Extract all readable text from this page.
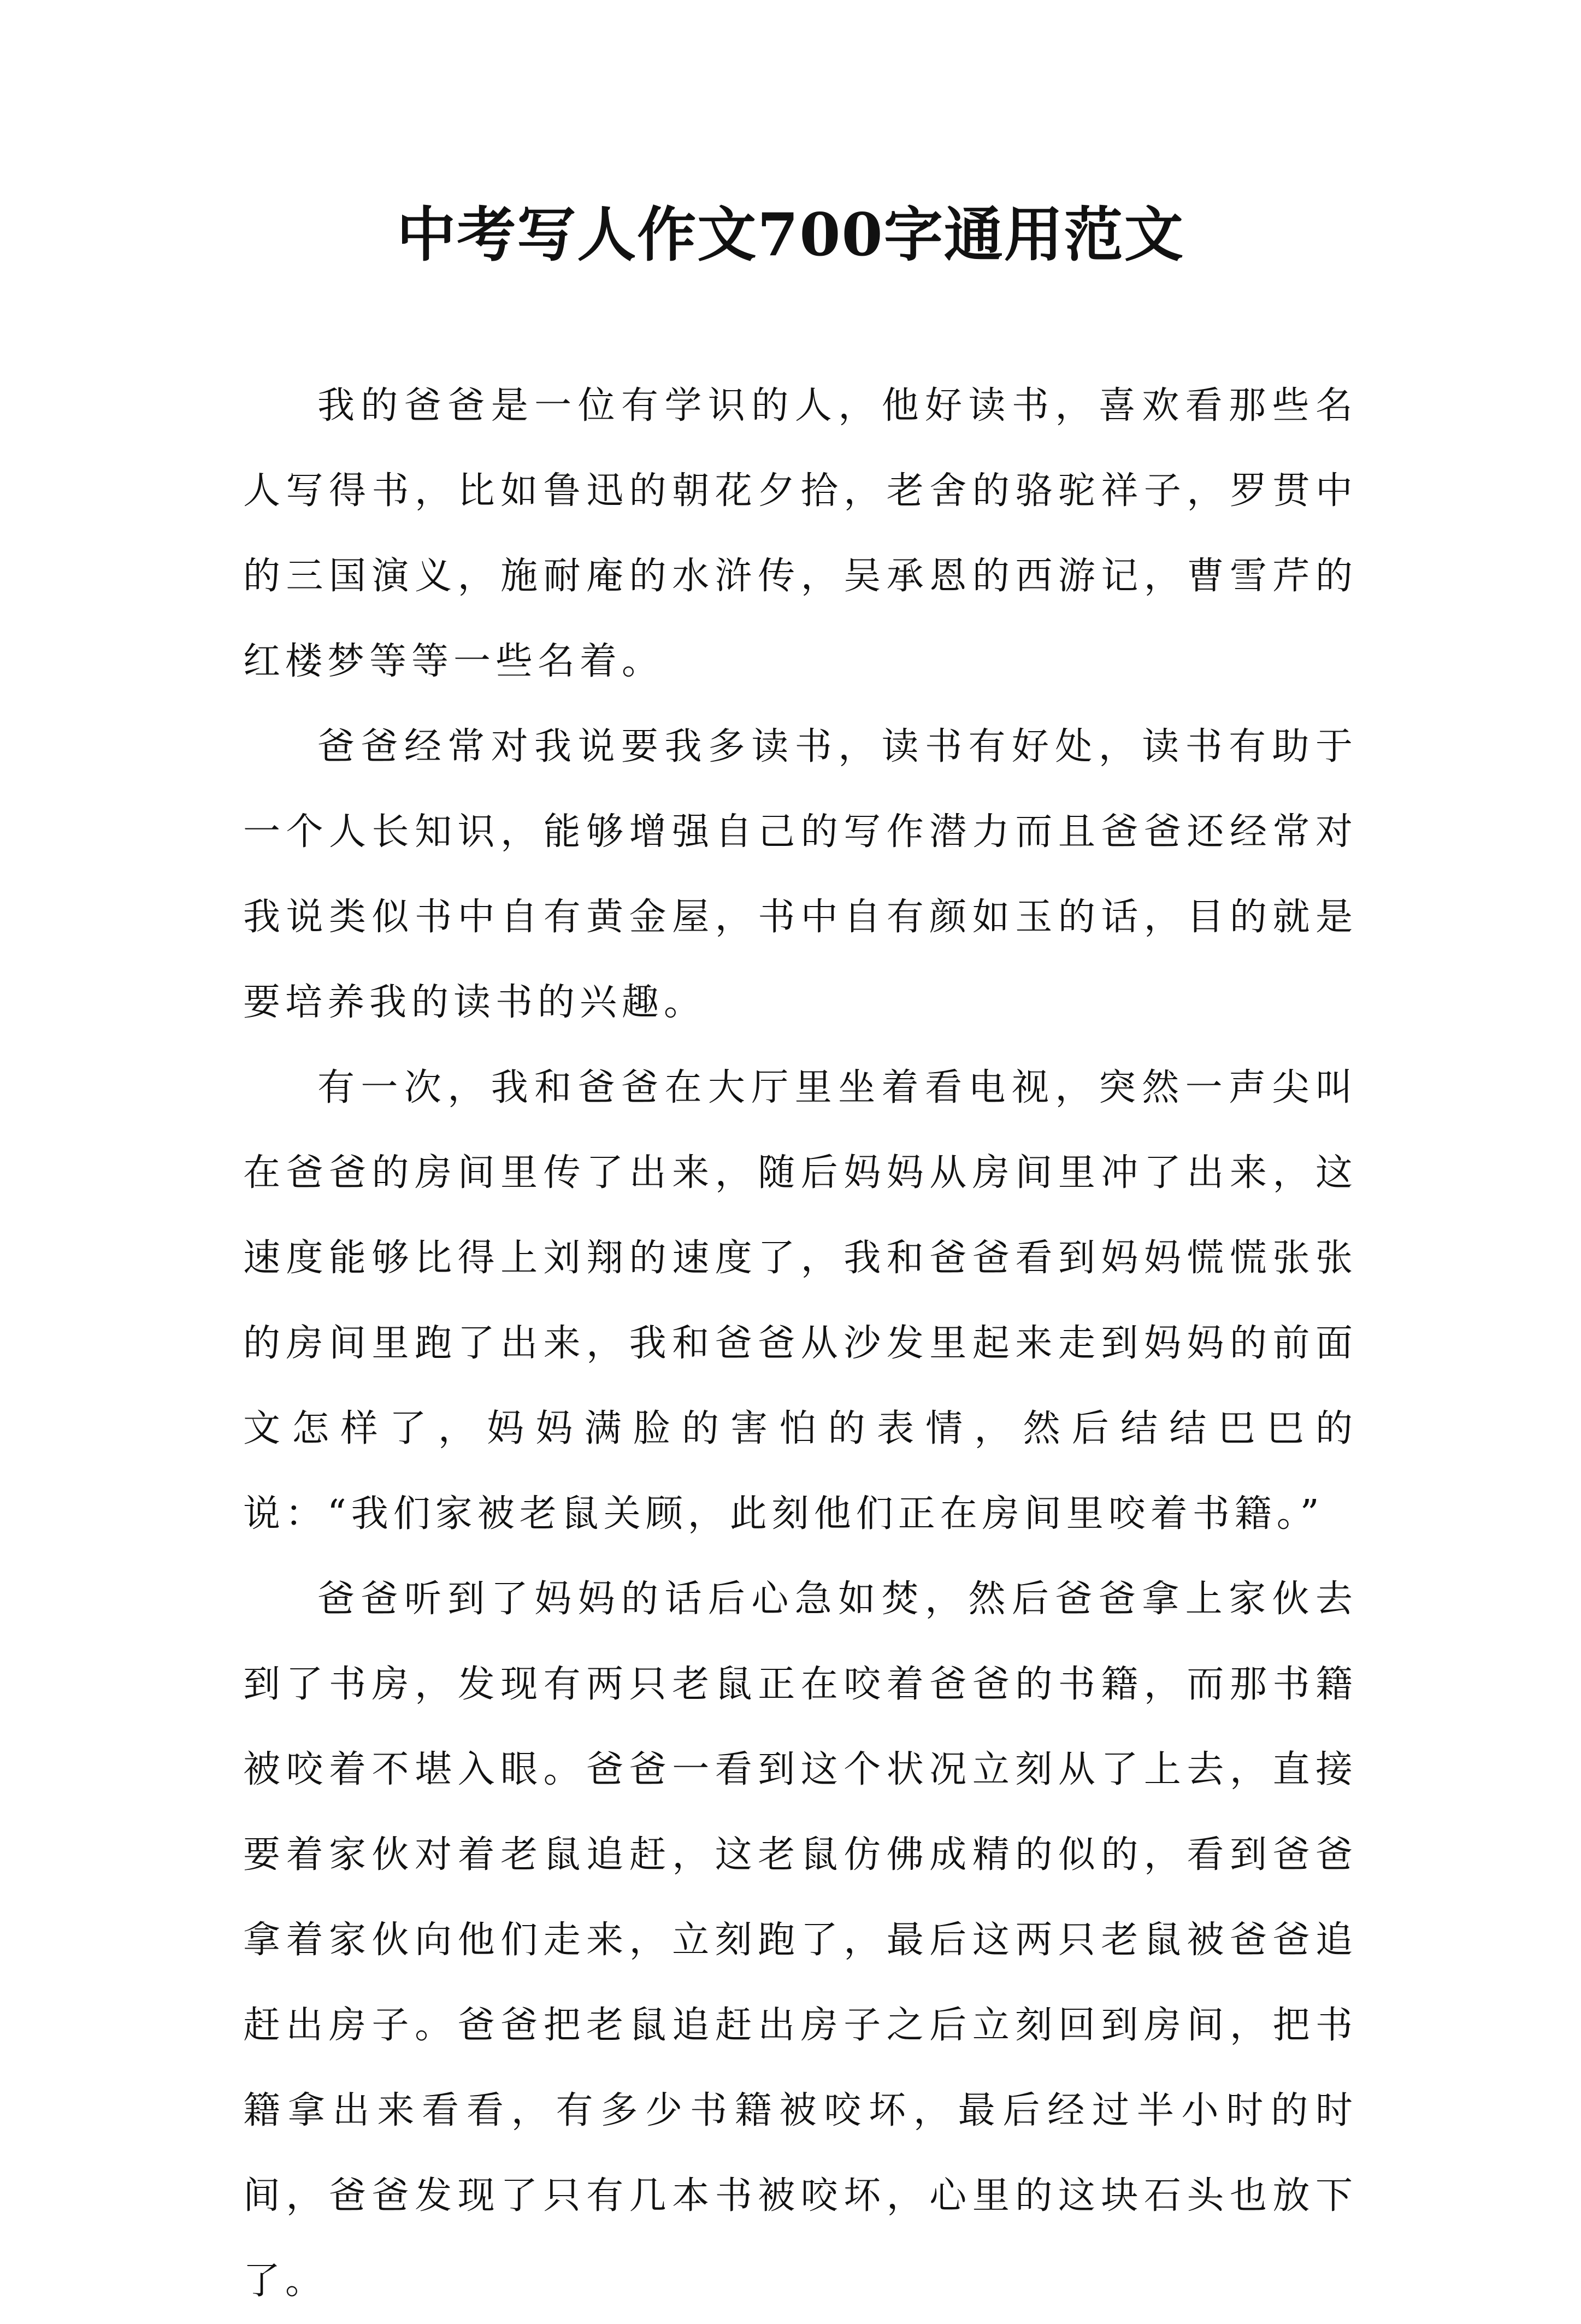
中考写人作文700字通用范文

我的爸爸是一位有学识的人，他好读书，喜欢看那些名人写得书，比如鲁迅的朝花夕拾，老舍的骆驼祥子，罗贯中的三国演义，施耐庵的水浒传，吴承恩的西游记，曹雪芹的红楼梦等等一些名着。

爸爸经常对我说要我多读书，读书有好处，读书有助于一个人长知识，能够增强自己的写作潜力而且爸爸还经常对我说类似书中自有黄金屋，书中自有颜如玉的话，目的就是要培养我的读书的兴趣。

有一次，我和爸爸在大厅里坐着看电视，突然一声尖叫在爸爸的房间里传了出来，随后妈妈从房间里冲了出来，这速度能够比得上刘翔的速度了，我和爸爸看到妈妈慌慌张张的房间里跑了出来，我和爸爸从沙发里起来走到妈妈的前面文怎样了，妈妈满脸的害怕的表情，然后结结巴巴的说：“我们家被老鼠关顾，此刻他们正在房间里咬着书籍。”

爸爸听到了妈妈的话后心急如焚，然后爸爸拿上家伙去到了书房，发现有两只老鼠正在咬着爸爸的书籍，而那书籍被咬着不堪入眼。爸爸一看到这个状况立刻从了上去，直接要着家伙对着老鼠追赶，这老鼠仿佛成精的似的，看到爸爸拿着家伙向他们走来，立刻跑了，最后这两只老鼠被爸爸追赶出房子。爸爸把老鼠追赶出房子之后立刻回到房间，把书籍拿出来看看，有多少书籍被咬坏，最后经过半小时的时间，爸爸发现了只有几本书被咬坏，心里的这块石头也放下了。
